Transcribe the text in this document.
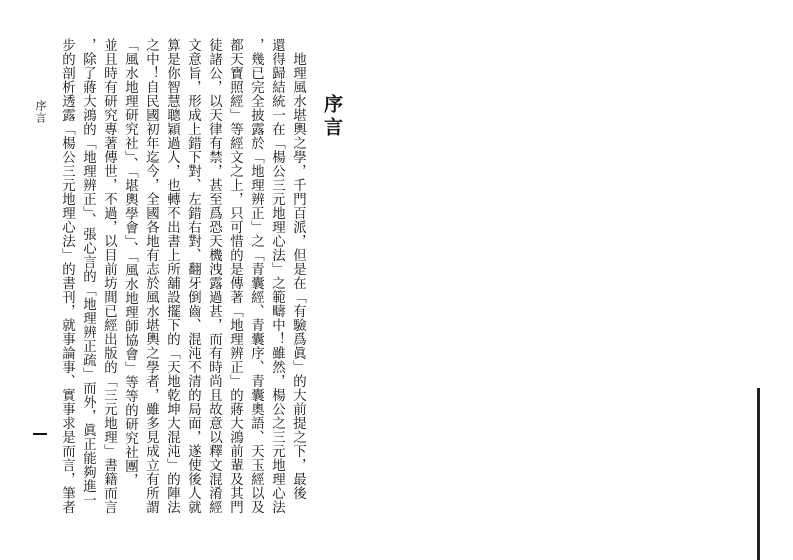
序言
地理風水堪輿之學，千門百派，但是在「有驗爲眞」的大前提之下，最後
還得歸結統一在「楊公三元地理心法」之範疇中！雖然，楊公之三元地理心法
，幾已完全披露於「地理辨正」之「青囊經、青囊序、青囊奧語、天玉經以及
都天寶照經」等經文之上，只可惜的是傳著「地理辨正」的蔣大鴻前輩及其門
徒諸公，以天律有禁，甚至爲恐天機洩露過甚，而有時尚且故意以釋文混淆經
文意旨，形成上錯下對、左錯右對、翻牙倒齒、混沌不清的局面，遂使後人就
算是你智慧聰穎過人，也轉不出書上所舖設擺下的「天地乾坤大混沌」的陣法
之中！自民國初年迄今，全國各地有志於風水堪輿之學者，雖多見成立有所謂
「風水地理研究社」、「堪輿學會」、「風水地理師協會」等等的研究社團，
並且時有研究專著傳世，不過，以目前坊間已經出版的「三元地理」書籍而言
，除了蔣大鴻的「地理辨正」、張心言的「地理辨正疏」而外，眞正能夠進一
步的剖析透露「楊公三元地理心法」的書刊，就事論事、實事求是而言，筆者
序言
